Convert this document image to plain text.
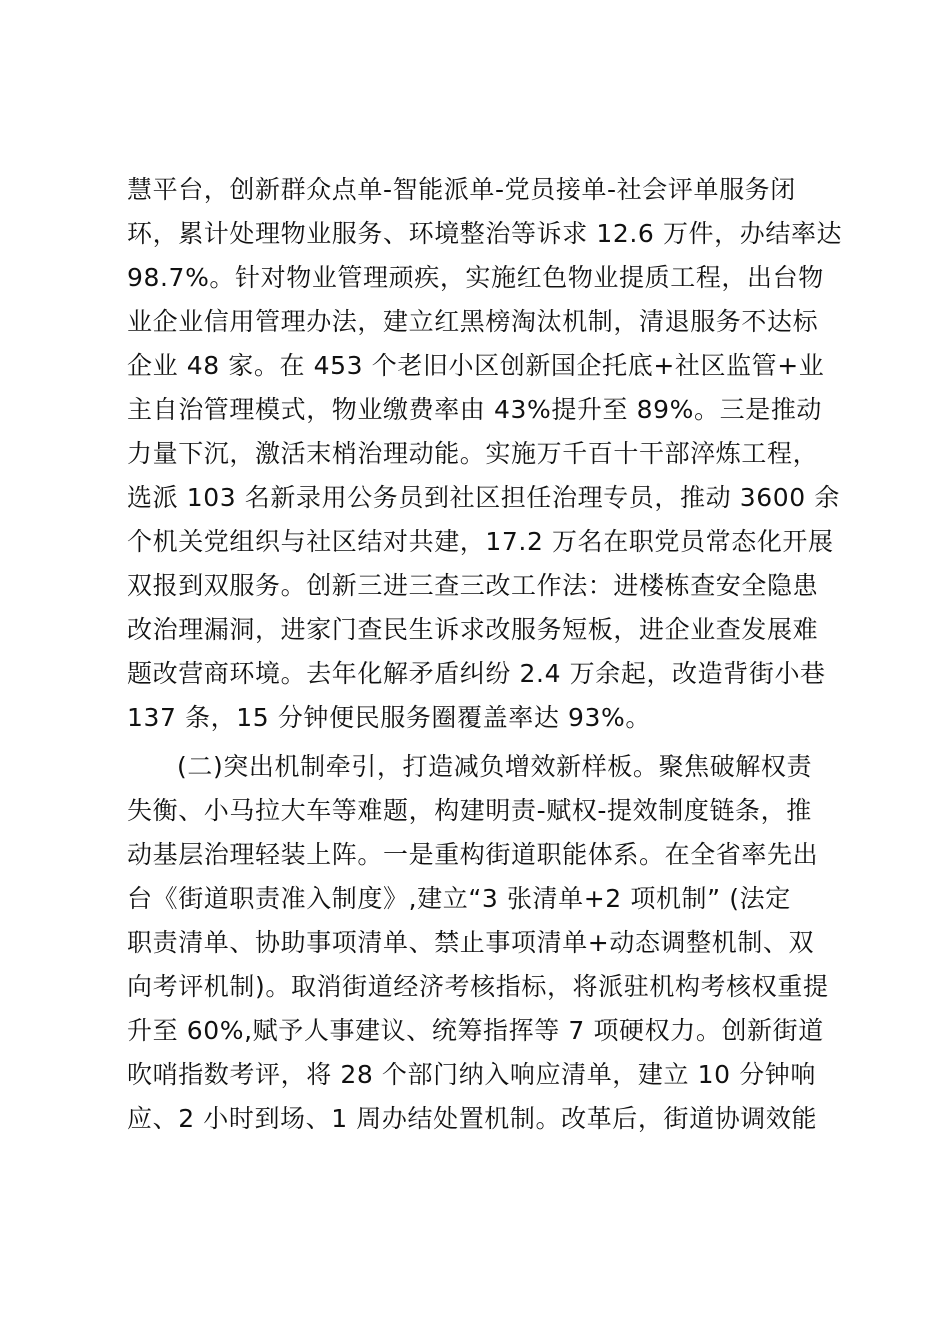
慧平台，创新群众点单-智能派单-党员接单-社会评单服务闭
环，累计处理物业服务、环境整治等诉求 12.6 万件，办结率达
98.7%。针对物业管理顽疾，实施红色物业提质工程，出台物
业企业信用管理办法，建立红黑榜淘汰机制，清退服务不达标
企业 48 家。在 453 个老旧小区创新国企托底+社区监管+业
主自治管理模式，物业缴费率由 43%提升至 89%。三是推动
力量下沉，激活末梢治理动能。实施万千百十干部淬炼工程，
选派 103 名新录用公务员到社区担任治理专员，推动 3600 余
个机关党组织与社区结对共建，17.2 万名在职党员常态化开展
双报到双服务。创新三进三查三改工作法：进楼栋查安全隐患
改治理漏洞，进家门查民生诉求改服务短板，进企业查发展难
题改营商环境。去年化解矛盾纠纷 2.4 万余起，改造背街小巷
137 条，15 分钟便民服务圈覆盖率达 93%。
(二)突出机制牵引，打造减负增效新样板。聚焦破解权责
失衡、小马拉大车等难题，构建明责-赋权-提效制度链条，推
动基层治理轻装上阵。一是重构街道职能体系。在全省率先出
台《街道职责准入制度》,建立“3 张清单+2 项机制” (法定
职责清单、协助事项清单、禁止事项清单+动态调整机制、双
向考评机制)。取消街道经济考核指标，将派驻机构考核权重提
升至 60%,赋予人事建议、统筹指挥等 7 项硬权力。创新街道
吹哨指数考评，将 28 个部门纳入响应清单，建立 10 分钟响
应、2 小时到场、1 周办结处置机制。改革后，街道协调效能
